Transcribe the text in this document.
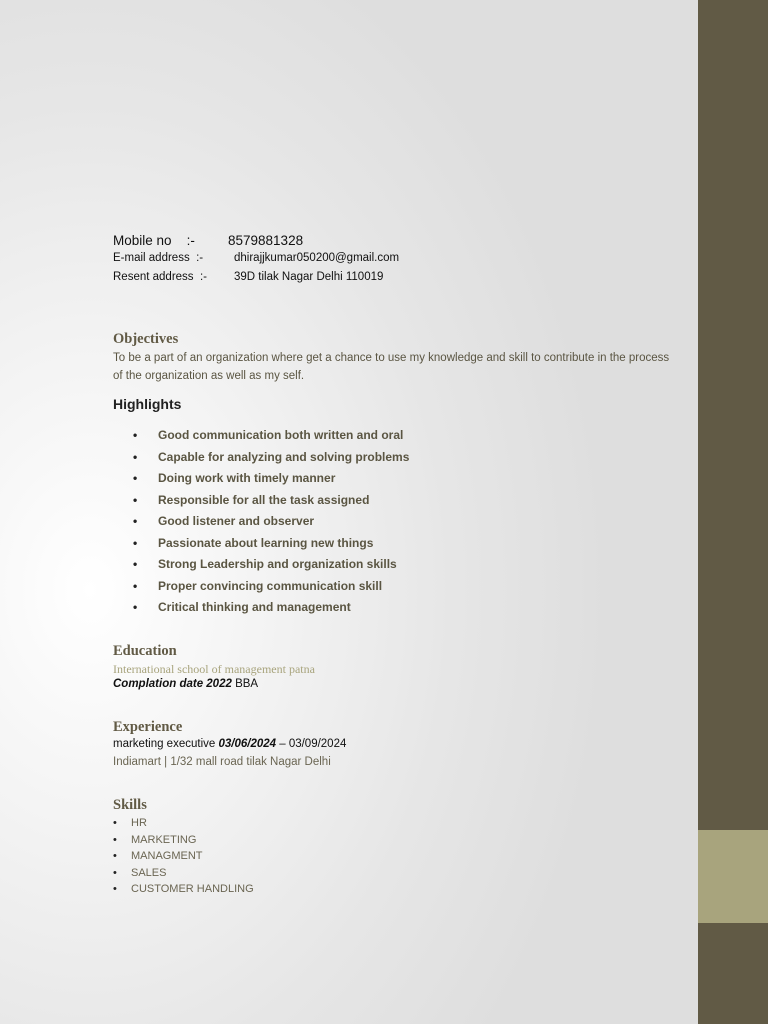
Mobile no :-	8579881328
E-mail address :-	dhirajjkumar050200@gmail.com
Resent address :-	39D tilak Nagar Delhi 110019
Objectives

To be a part of an organization where get a chance to use my knowledge and skill to contribute in the process of the organization as well as my self.

Highlights
• Good communication both written and oral
• Capable for analyzing and solving problems
• Doing work with timely manner
• Responsible for all the task assigned
• Good listener and observer
• Passionate about learning new things
• Strong Leadership and organization skills
• Proper convincing communication skill
• Critical thinking and management
Education

International school of management patna

Complation date 2022 BBA

Experience

marketing executive 03/06/2024 – 03/09/2024

Indiamart | 1/32 mall road tilak Nagar Delhi

Skills
• HR
• MARKETING
• MANAGMENT
• SALES
• CUSTOMER HANDLING
